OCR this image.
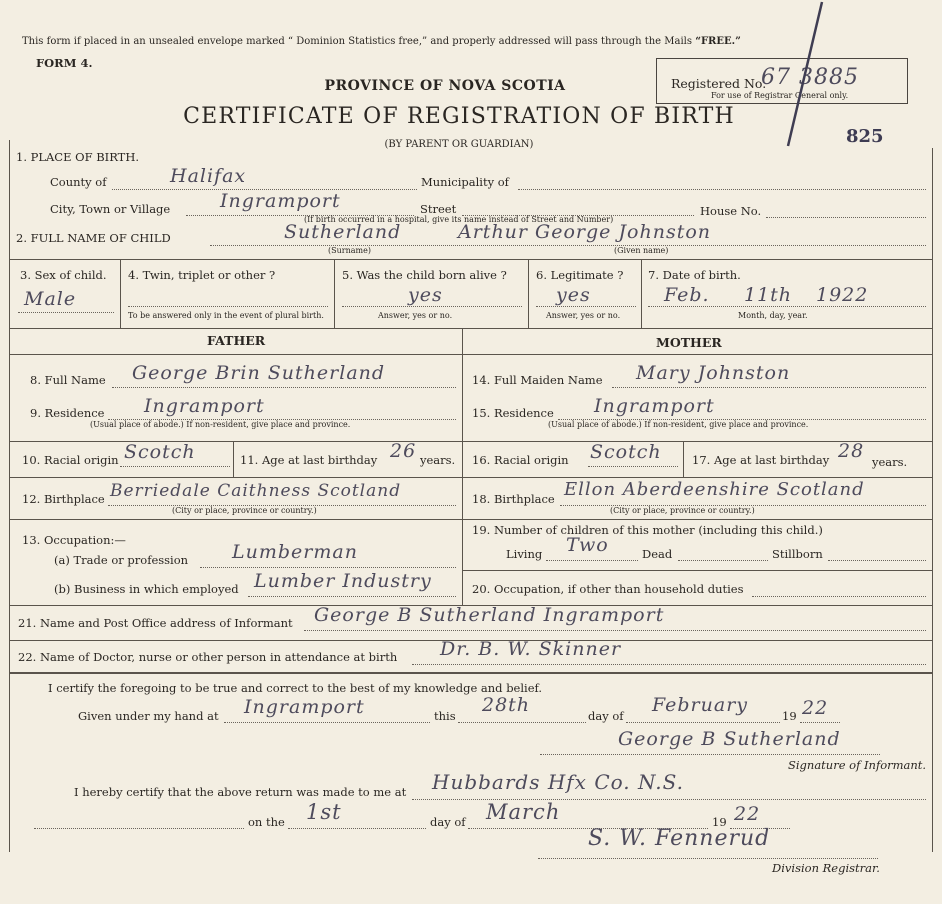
This form if placed in an unsealed envelope marked “ Dominion Statistics free,” and properly addressed will pass through the Mails “FREE.”
FORM 4.
PROVINCE OF NOVA SCOTIA
CERTIFICATE OF REGISTRATION OF BIRTH
(BY PARENT OR GUARDIAN)
Registered No.
67 3885
For use of Registrar General only.
825
1. PLACE OF BIRTH.
County of	Halifax	Municipality of
City, Town or Village	Ingramport	Street
(If birth occurred in a hospital, give its name instead of Street and Number)
House No.
2. FULL NAME OF CHILD	Sutherland	Arthur George Johnston
(Surname)	(Given name)
3. Sex of child.
Male
4. Twin, triplet or other ?
To be answered only in the event of plural birth.
5. Was the child born alive ?
yes
Answer, yes or no.
6. Legitimate ?
yes
Answer, yes or no.
7. Date of birth.
Feb. 11th 1922
Month, day, year.
FATHER	MOTHER
8. Full Name George Brin Sutherland
9. Residence Ingramport
(Usual place of abode.) If non-resident, give place and province.
10. Racial origin Scotch	11. Age at last birthday 26 years.
12. Birthplace Berriedale Caithness Scotland
(City or place, province or country.)
13. Occupation:—
(a) Trade or profession Lumberman
(b) Business in which employed Lumber Industry
14. Full Maiden Name Mary Johnston
15. Residence Ingramport
(Usual place of abode.) If non-resident, give place and province.
16. Racial origin Scotch	17. Age at last birthday 28 years.
18. Birthplace Ellon Aberdeenshire Scotland
(City or place, province or country.)
19. Number of children of this mother (including this child.)
Living Two	Dead	Stillborn
20. Occupation, if other than household duties
21. Name and Post Office address of Informant George B Sutherland Ingramport
22. Name of Doctor, nurse or other person in attendance at birth Dr. B. W. Skinner
I certify the foregoing to be true and correct to the best of my knowledge and belief.
Given under my hand at Ingramport	this 28th	day of February	19 22
George B Sutherland
Signature of Informant.
I hereby certify that the above return was made to me at Hubbards Hfx Co. N.S.
on the 1st	day of March	19 22
S. W. Fennerud
Division Registrar.
